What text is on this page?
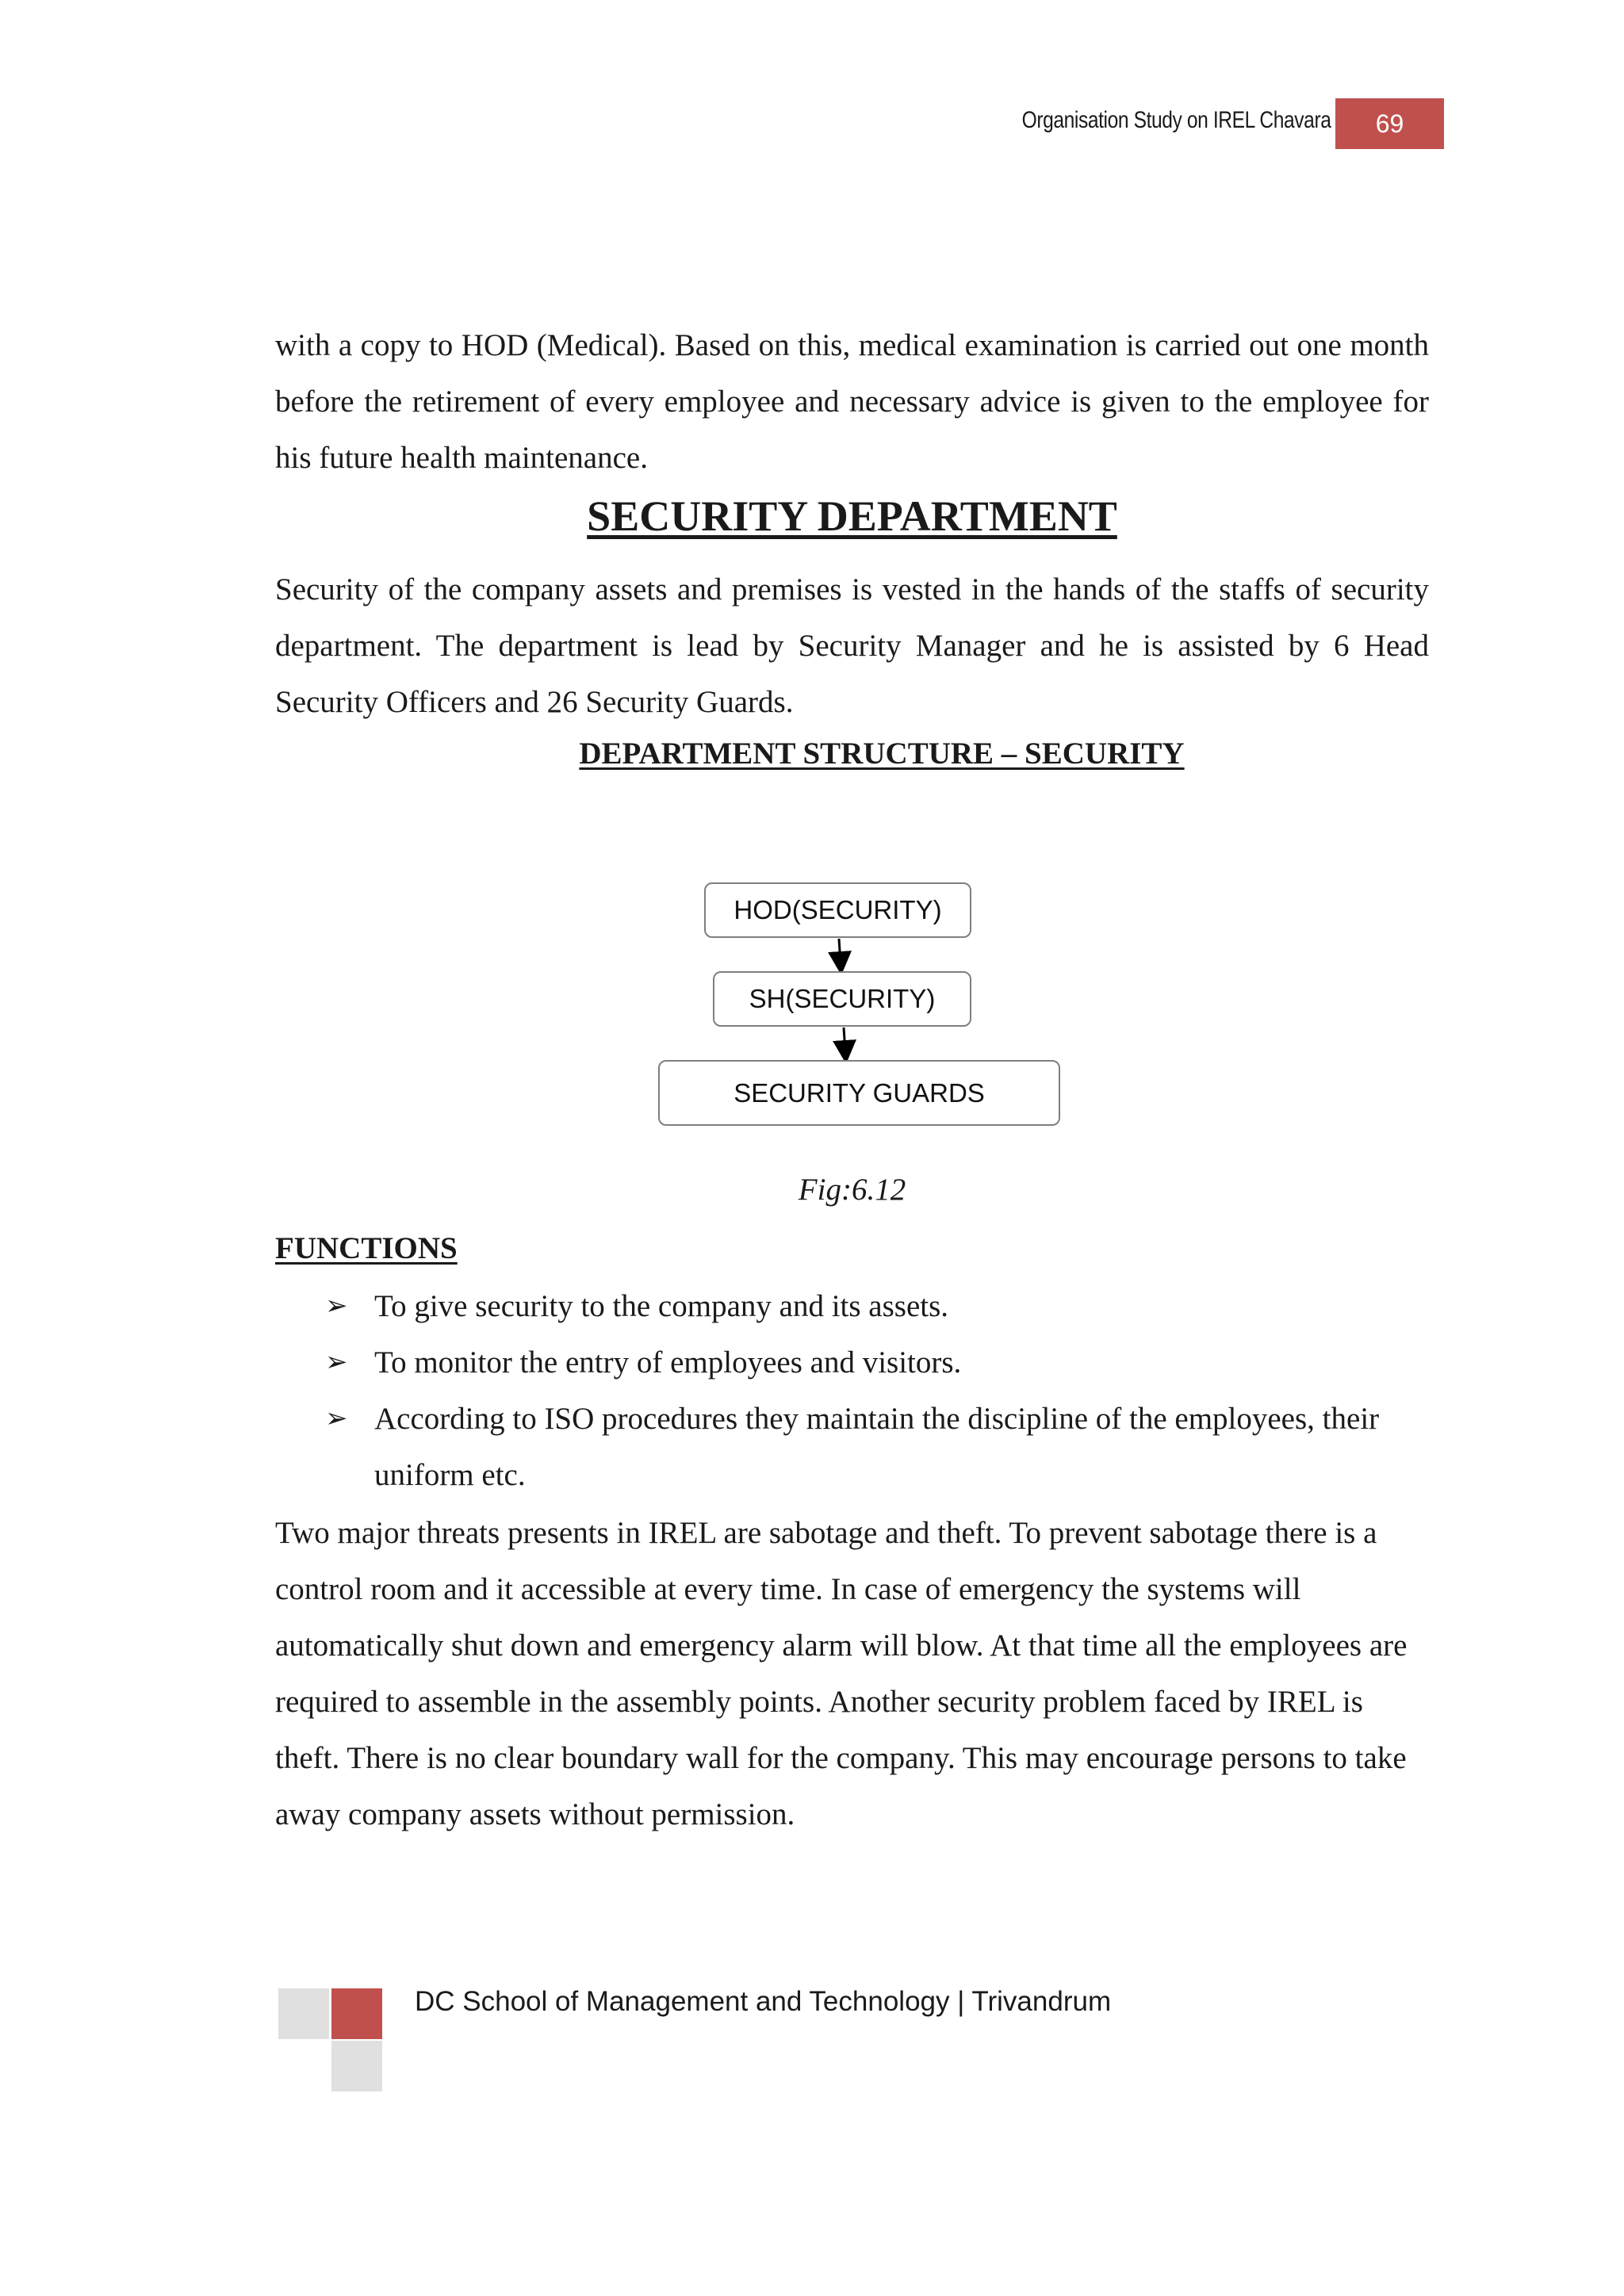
Organisation Study on IREL Chavara	69

with a copy to HOD (Medical). Based on this, medical examination is carried out one month before the retirement of every employee and necessary advice is given to the employee for his future health maintenance.

SECURITY DEPARTMENT

Security of the company assets and premises is vested in the hands of the staffs of security department. The department is lead by Security Manager and he is assisted by 6 Head Security Officers and 26 Security Guards.

DEPARTMENT STRUCTURE – SECURITY
HOD(SECURITY)
SH(SECURITY)
SECURITY GUARDS
Fig:6.12
FUNCTIONS
➢ To give security to the company and its assets.
➢ To monitor the entry of employees and visitors.
➢ According to ISO procedures they maintain the discipline of the employees, their uniform etc.

Two major threats presents in IREL are sabotage and theft. To prevent sabotage there is a control room and it accessible at every time. In case of emergency the systems will automatically shut down and emergency alarm will blow. At that time all the employees are required to assemble in the assembly points. Another security problem faced by IREL is theft. There is no clear boundary wall for the company. This may encourage persons to take away company assets without permission.

DC School of Management and Technology | Trivandrum
